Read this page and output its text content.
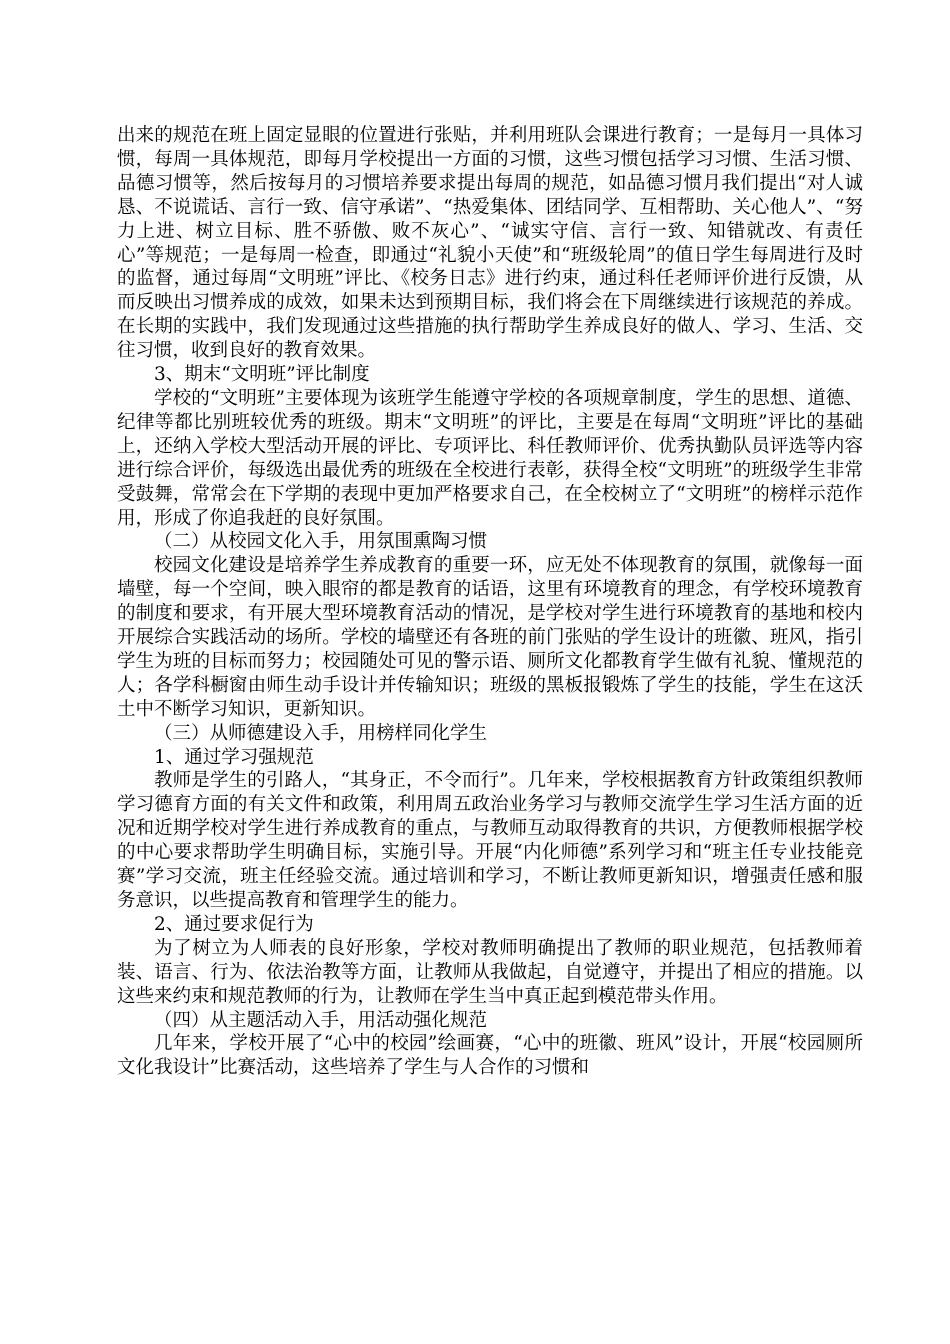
出来的规范在班上固定显眼的位置进行张贴，并利用班队会课进行教育；一是每月一具体习惯，每周一具体规范，即每月学校提出一方面的习惯，这些习惯包括学习习惯、生活习惯、品德习惯等，然后按每月的习惯培养要求提出每周的规范，如品德习惯月我们提出“对人诚恳、不说谎话、言行一致、信守承诺”、“热爱集体、团结同学、互相帮助、关心他人”、“努力上进、树立目标、胜不骄傲、败不灰心”、“诚实守信、言行一致、知错就改、有责任心”等规范；一是每周一检查，即通过“礼貌小天使”和“班级轮周”的值日学生每周进行及时的监督，通过每周“文明班”评比、《校务日志》进行约束，通过科任老师评价进行反馈，从而反映出习惯养成的成效，如果未达到预期目标，我们将会在下周继续进行该规范的养成。在长期的实践中，我们发现通过这些措施的执行帮助学生养成良好的做人、学习、生活、交往习惯，收到良好的教育效果。

3、期末“文明班”评比制度

学校的“文明班”主要体现为该班学生能遵守学校的各项规章制度，学生的思想、道德、纪律等都比别班较优秀的班级。期末“文明班”的评比，主要是在每周“文明班”评比的基础上，还纳入学校大型活动开展的评比、专项评比、科任教师评价、优秀执勤队员评选等内容进行综合评价，每级选出最优秀的班级在全校进行表彰，获得全校“文明班”的班级学生非常受鼓舞，常常会在下学期的表现中更加严格要求自己，在全校树立了“文明班”的榜样示范作用，形成了你追我赶的良好氛围。

（二）从校园文化入手，用氛围熏陶习惯

校园文化建设是培养学生养成教育的重要一环，应无处不体现教育的氛围，就像每一面墙壁，每一个空间，映入眼帘的都是教育的话语，这里有环境教育的理念，有学校环境教育的制度和要求，有开展大型环境教育活动的情况，是学校对学生进行环境教育的基地和校内开展综合实践活动的场所。学校的墙壁还有各班的前门张贴的学生设计的班徽、班风，指引学生为班的目标而努力；校园随处可见的警示语、厕所文化都教育学生做有礼貌、懂规范的人；各学科橱窗由师生动手设计并传输知识；班级的黑板报锻炼了学生的技能，学生在这沃土中不断学习知识，更新知识。

（三）从师德建设入手，用榜样同化学生

1、通过学习强规范

教师是学生的引路人，“其身正，不令而行”。几年来，学校根据教育方针政策组织教师学习德育方面的有关文件和政策，利用周五政治业务学习与教师交流学生学习生活方面的近况和近期学校对学生进行养成教育的重点，与教师互动取得教育的共识，方便教师根据学校的中心要求帮助学生明确目标，实施引导。开展“内化师德”系列学习和“班主任专业技能竞赛”学习交流，班主任经验交流。通过培训和学习，不断让教师更新知识，增强责任感和服务意识，以些提高教育和管理学生的能力。

2、通过要求促行为

为了树立为人师表的良好形象，学校对教师明确提出了教师的职业规范，包括教师着装、语言、行为、依法治教等方面，让教师从我做起，自觉遵守，并提出了相应的措施。以这些来约束和规范教师的行为，让教师在学生当中真正起到模范带头作用。

（四）从主题活动入手，用活动强化规范

几年来，学校开展了“心中的校园”绘画赛，“心中的班徽、班风”设计，开展“校园厕所文化我设计”比赛活动，这些培养了学生与人合作的习惯和
